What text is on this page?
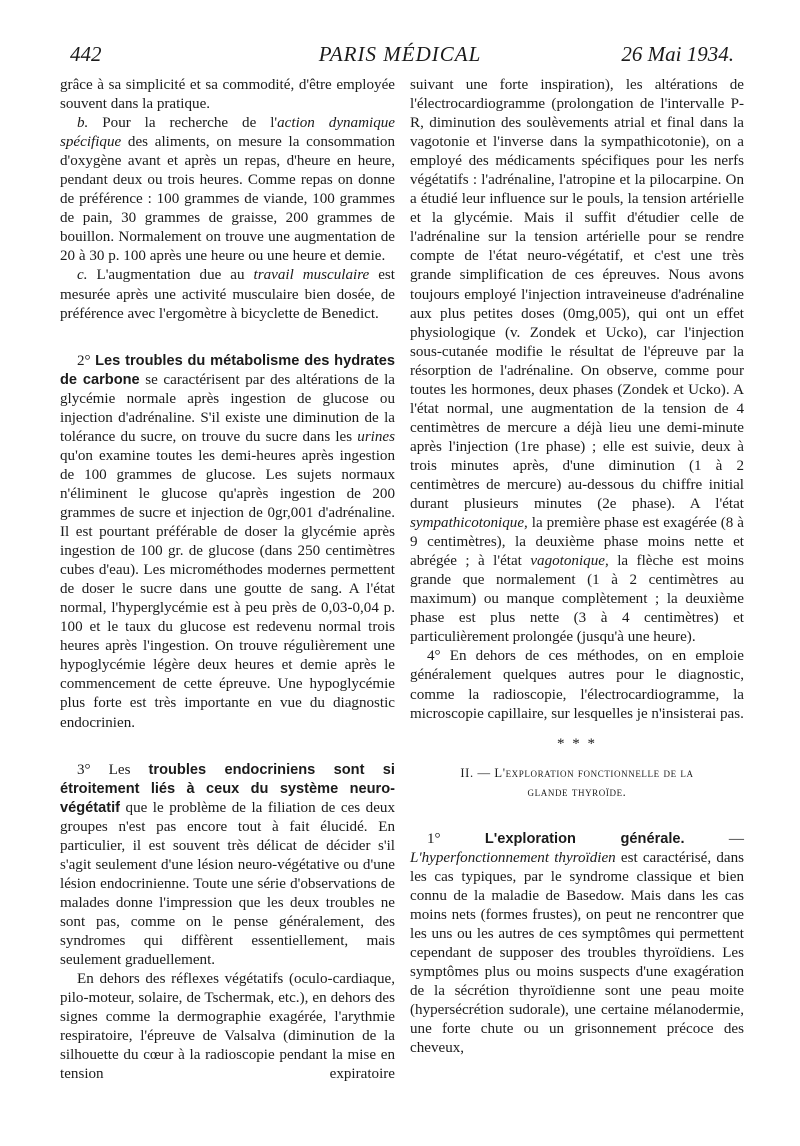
442	PARIS MÉDICAL	26 Mai 1934.

grâce à sa simplicité et sa commodité, d'être employée souvent dans la pratique.

b. Pour la recherche de l'action dynamique spécifique des aliments, on mesure la consommation d'oxygène avant et après un repas, d'heure en heure, pendant deux ou trois heures. Comme repas on donne de préférence : 100 grammes de viande, 100 grammes de pain, 30 grammes de graisse, 200 grammes de bouillon. Normalement on trouve une augmentation de 20 à 30 p. 100 après une heure ou une heure et demie.

c. L'augmentation due au travail musculaire est mesurée après une activité musculaire bien dosée, de préférence avec l'ergomètre à bicyclette de Benedict.

2° Les troubles du métabolisme des hydrates de carbone se caractérisent par des altérations de la glycémie normale après ingestion de glucose ou injection d'adrénaline. S'il existe une diminution de la tolérance du sucre, on trouve du sucre dans les urines qu'on examine toutes les demi-heures après ingestion de 100 grammes de glucose. Les sujets normaux n'éliminent le glucose qu'après ingestion de 200 grammes de sucre et injection de 0gr,001 d'adrénaline. Il est pourtant préférable de doser la glycémie après ingestion de 100 gr. de glucose (dans 250 centimètres cubes d'eau). Les microméthodes modernes permettent de doser le sucre dans une goutte de sang. A l'état normal, l'hyperglycémie est à peu près de 0,03-0,04 p. 100 et le taux du glucose est redevenu normal trois heures après l'ingestion. On trouve régulièrement une hypoglycémie légère deux heures et demie après le commencement de cette épreuve. Une hypoglycémie plus forte est très importante en vue du diagnostic endocrinien.

3° Les troubles endocriniens sont si étroitement liés à ceux du système neuro-végétatif que le problème de la filiation de ces deux groupes n'est pas encore tout à fait élucidé. En particulier, il est souvent très délicat de décider s'il s'agit seulement d'une lésion neuro-végétative ou d'une lésion endocrinienne. Toute une série d'observations de malades donne l'impression que les deux troubles ne sont pas, comme on le pense généralement, des syndromes qui diffèrent essentiellement, mais seulement graduellement.

En dehors des réflexes végétatifs (oculo-cardiaque, pilo-moteur, solaire, de Tschermak, etc.), en dehors des signes comme la dermographie exagérée, l'arythmie respiratoire, l'épreuve de Valsalva (diminution de la silhouette du cœur à la radioscopie pendant la mise en tension expiratoire

suivant une forte inspiration), les altérations de l'électrocardiogramme (prolongation de l'intervalle P-R, diminution des soulèvements atrial et final dans la vagotonie et l'inverse dans la sympathicotonie), on a employé des médicaments spécifiques pour les nerfs végétatifs : l'adrénaline, l'atropine et la pilocarpine. On a étudié leur influence sur le pouls, la tension artérielle et la glycémie. Mais il suffit d'étudier celle de l'adrénaline sur la tension artérielle pour se rendre compte de l'état neuro-végétatif, et c'est une très grande simplification de ces épreuves. Nous avons toujours employé l'injection intraveineuse d'adrénaline aux plus petites doses (0mg,005), qui ont un effet physiologique (v. Zondek et Ucko), car l'injection sous-cutanée modifie le résultat de l'épreuve par la résorption de l'adrénaline. On observe, comme pour toutes les hormones, deux phases (Zondek et Ucko). A l'état normal, une augmentation de la tension de 4 centimètres de mercure a déjà lieu une demi-minute après l'injection (1re phase) ; elle est suivie, deux à trois minutes après, d'une diminution (1 à 2 centimètres de mercure) au-dessous du chiffre initial durant plusieurs minutes (2e phase). A l'état sympathicotonique, la première phase est exagérée (8 à 9 centimètres), la deuxième phase moins nette et abrégée ; à l'état vagotonique, la flèche est moins grande que normalement (1 à 2 centimètres au maximum) ou manque complètement ; la deuxième phase est plus nette (3 à 4 centimètres) et particulièrement prolongée (jusqu'à une heure).

4° En dehors de ces méthodes, on en emploie généralement quelques autres pour le diagnostic, comme la radioscopie, l'électrocardiogramme, la microscopie capillaire, sur lesquelles je n'insisterai pas.

* * *

II. — L'exploration fonctionnelle de la

glande thyroïde.

1° L'exploration générale. — L'hyperfonctionnement thyroïdien est caractérisé, dans les cas typiques, par le syndrome classique et bien connu de la maladie de Basedow. Mais dans les cas moins nets (formes frustes), on peut ne rencontrer que les uns ou les autres de ces symptômes qui permettent cependant de supposer des troubles thyroïdiens. Les symptômes plus ou moins suspects d'une exagération de la sécrétion thyroïdienne sont une peau moite (hypersécrétion sudorale), une certaine mélanodermie, une forte chute ou un grisonnement précoce des cheveux,
